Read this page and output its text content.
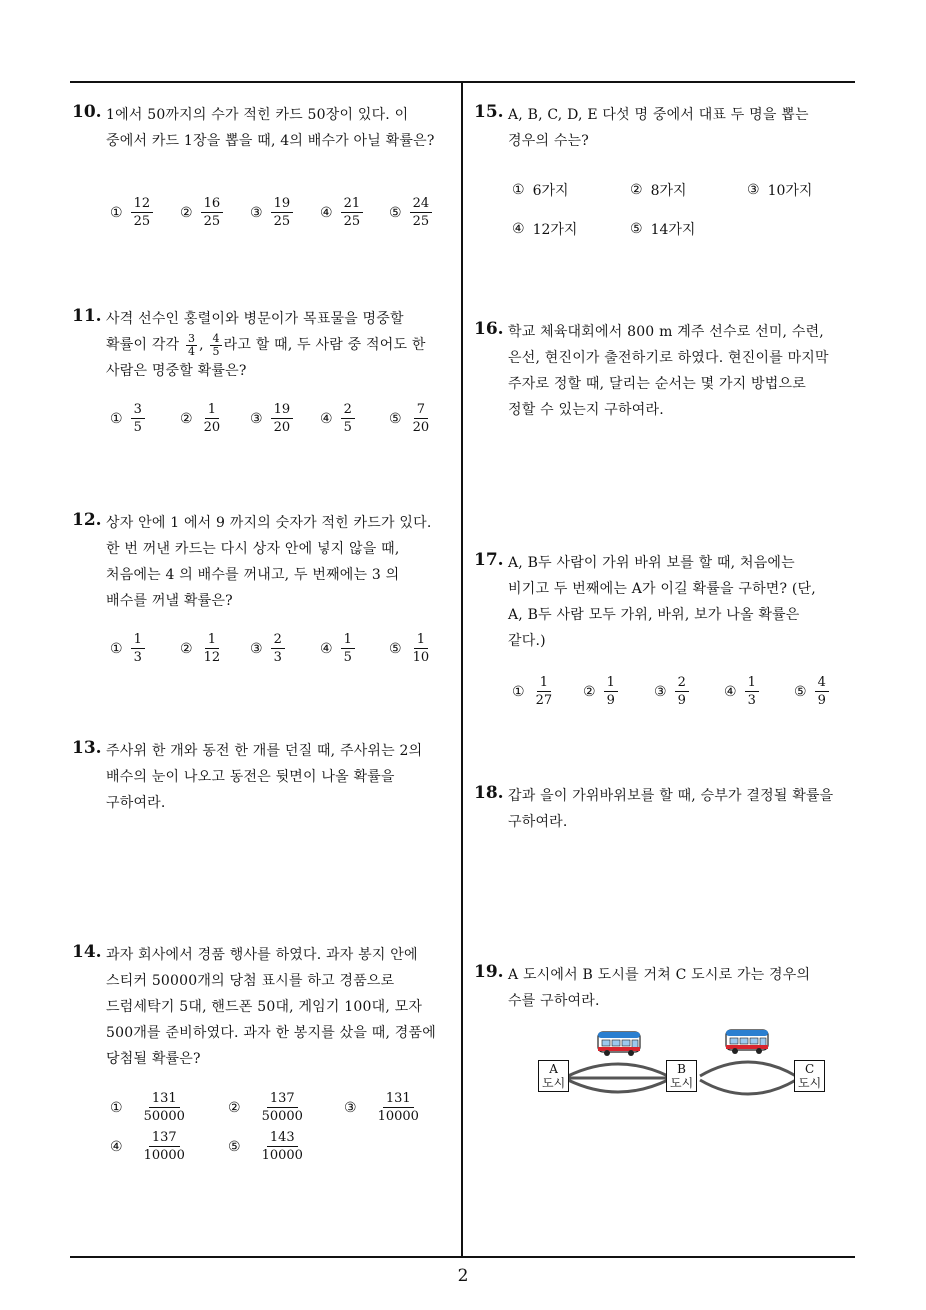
10. 1에서 50까지의 수가 적힌 카드 50장이 있다. 이
중에서 카드 1장을 뽑을 때, 4의 배수가 아닐 확률은?
① $\frac{12}{25}$ ② $\frac{16}{25}$ ③ $\frac{19}{25}$ ④ $\frac{21}{25}$ ⑤ $\frac{24}{25}$
11. 사격 선수인 홍렬이와 병문이가 목표물을 명중할
확률이 각각 $\frac{3}{4}$ , $\frac{4}{5}$ 라고 할 때, 두 사람 중 적어도 한
사람은 명중할 확률은?
① $\frac{3}{5}$	② $\frac{1}{20}$ ③ $\frac{19}{20}$ ④ $\frac{2}{5}$ ⑤ $\frac{7}{20}$
12. 상자 안에 1 에서 9 까지의 숫자가 적힌 카드가 있다.
한 번 꺼낸 카드는 다시 상자 안에 넣지 않을 때,
처음에는 4 의 배수를 꺼내고, 두 번째에는 3 의
배수를 꺼낼 확률은?
① $\frac{1}{3}$	② $\frac{1}{12}$ ③ $\frac{2}{3}$	④ $\frac{1}{5}$ ⑤ $\frac{1}{10}$
13. 주사위 한 개와 동전 한 개를 던질 때, 주사위는 2의
배수의 눈이 나오고 동전은 뒷면이 나올 확률을
구하여라.
14. 과자 회사에서 경품 행사를 하였다. 과자 봉지 안에
스티커 50000개의 당첨 표시를 하고 경품으로
드럼세탁기 5대, 핸드폰 50대, 게임기 100대, 모자
500개를 준비하였다. 과자 한 봉지를 샀을 때, 경품에
당첨될 확률은?
① $\frac{131}{50000}$	② $\frac{137}{50000}$	③ $\frac{131}{10000}$
④ $\frac{137}{10000}$	⑤ $\frac{143}{10000}$
15. A, B, C, D, E 다섯 명 중에서 대표 두 명을 뽑는
경우의 수는?
① 6가지	② 8가지	③ 10가지
④ 12가지	⑤ 14가지
16. 학교 체육대회에서 800 m 계주 선수로 선미, 수련,
은선, 현진이가 출전하기로 하였다. 현진이를 마지막
주자로 정할 때, 달리는 순서는 몇 가지 방법으로
정할 수 있는지 구하여라.
17. A, B두 사람이 가위 바위 보를 할 때, 처음에는
비기고 두 번째에는 A가 이길 확률을 구하면? (단,
A, B두 사람 모두 가위, 바위, 보가 나올 확률은
같다.)
① $\frac{1}{27}$ ② $\frac{1}{9}$	③ $\frac{2}{9}$	④ $\frac{1}{3}$	⑤ $\frac{4}{9}$
18. 갑과 을이 가위바위보를 할 때, 승부가 결정될 확률을
구하여라.
19. A 도시에서 B 도시를 거쳐 C 도시로 가는 경우의
수를 구하여라.
A
도시
B
도시
C
도시
2
